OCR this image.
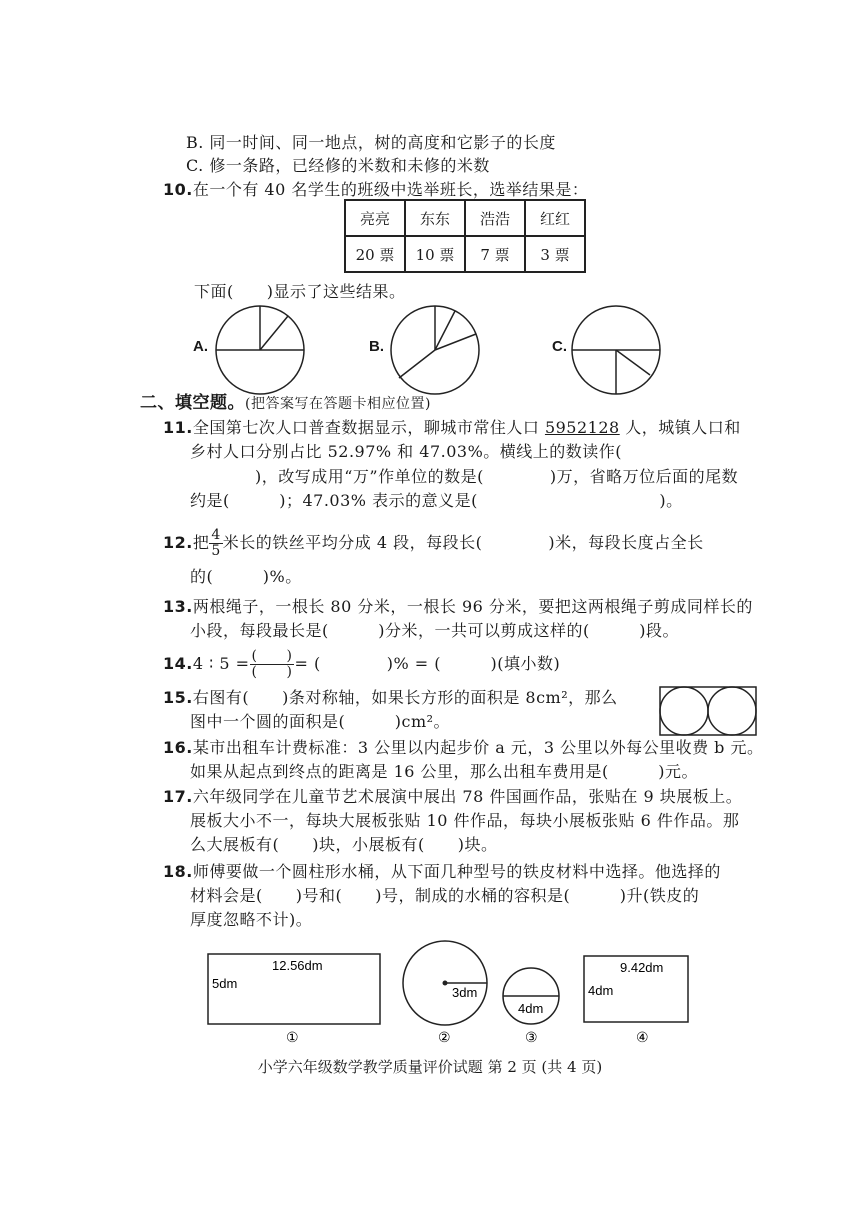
B. 同一时间、同一地点，树的高度和它影子的长度
C. 修一条路，已经修的米数和未修的米数
10.在一个有 40 名学生的班级中选举班长，选举结果是：
亮亮	东东	浩浩	红红
20 票	10 票	7 票	3 票
下面(　　)显示了这些结果。
A.	B.	C.
二、填空题。(把答案写在答题卡相应位置)
11.全国第七次人口普查数据显示，聊城市常住人口 5952128 人，城镇人口和
乡村人口分别占比 52.97% 和 47.03%。横线上的数读作(
)，改写成用“万”作单位的数是(　　　　)万，省略万位后面的尾数
约是(　　　)；47.03% 表示的意义是(　　　　　　　　　　　)。
12.把 $\frac{4}{5}$ 米长的铁丝平均分成 4 段，每段长(　　　　)米，每段长度占全长
的(　　　)%。
13.两根绳子，一根长 80 分米，一根长 96 分米，要把这两根绳子剪成同样长的
小段，每段最长是(　　　)分米，一共可以剪成这样的(　　　)段。
14.4 ∶ $5 = \frac{( )}{( )}$ = (　　　　)% = (　　　)(填小数)
15.右图有(　　)条对称轴，如果长方形的面积是 8cm²，那么
图中一个圆的面积是(　　　)cm²。
16.某市出租车计费标准：3 公里以内起步价 a 元，3 公里以外每公里收费 b 元。
如果从起点到终点的距离是 16 公里，那么出租车费用是(　　　)元。
17.六年级同学在儿童节艺术展演中展出 78 件国画作品，张贴在 9 块展板上。
展板大小不一，每块大展板张贴 10 件作品，每块小展板张贴 6 件作品。那
么大展板有(　　)块，小展板有(　　)块。
18.师傅要做一个圆柱形水桶，从下面几种型号的铁皮材料中选择。他选择的
材料会是(　　)号和(　　)号，制成的水桶的容积是(　　　)升(铁皮的
厚度忽略不计)。
12.56dm
5dm
①
3dm
②
4dm
③
9.42dm
4dm
④
小学六年级数学教学质量评价试题 第 2 页 (共 4 页)
